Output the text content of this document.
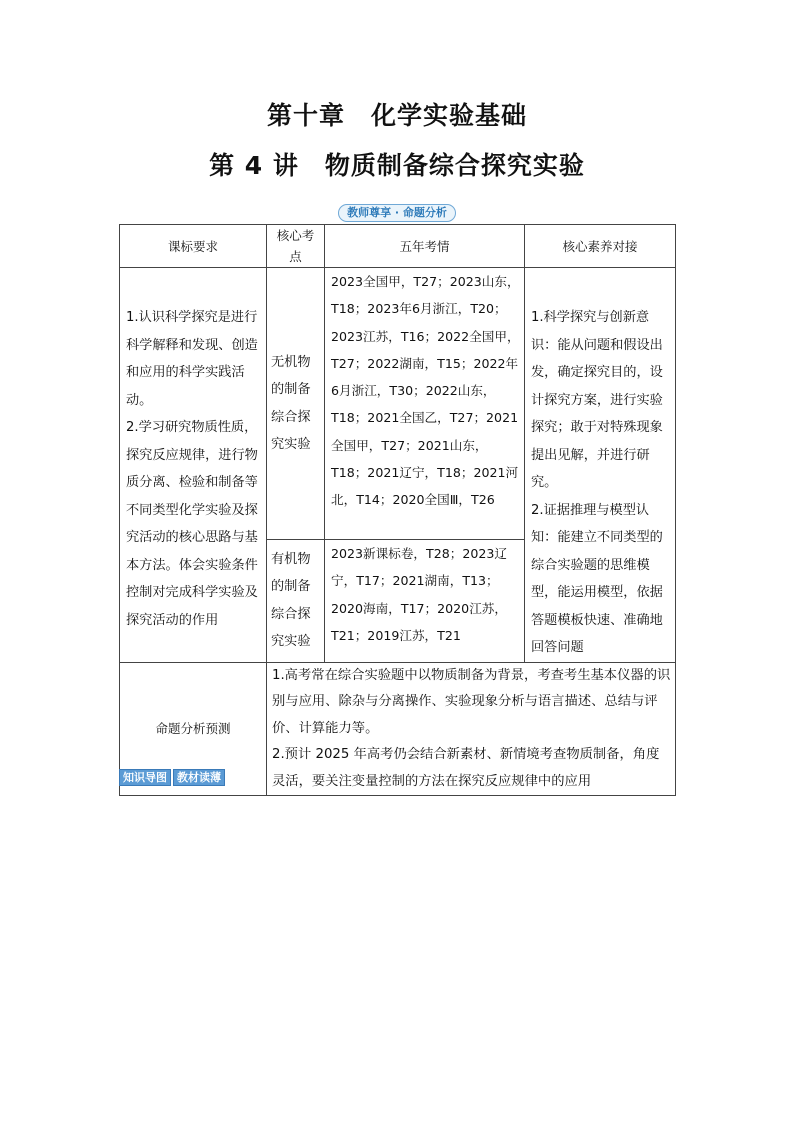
第十章　化学实验基础
第 4 讲　物质制备综合探究实验
教师尊享 · 命题分析
课标要求	核心考点	五年考情	核心素养对接

1.认识科学探究是进行科学解释和发现、创造和应用的科学实践活动。
2.学习研究物质性质，探究反应规律，进行物质分离、检验和制备等不同类型化学实验及探究活动的核心思路与基本方法。体会实验条件控制对完成科学实验及探究活动的作用	无机物的制备综合探究实验	2023全国甲，T27；2023山东，T18；2023年6月浙江，T20；2023江苏，T16；2022全国甲，T27；2022湖南，T15；2022年6月浙江，T30；2022山东，T18；2021全国乙，T27；2021全国甲，T27；2021山东，T18；2021辽宁，T18；2021河北，T14；2020全国Ⅲ，T26	1.科学探究与创新意识：能从问题和假设出发，确定探究目的，设计探究方案，进行实验探究；敢于对特殊现象提出见解，并进行研究。
2.证据推理与模型认知：能建立不同类型的综合实验题的思维模型，能运用模型，依据答题模板快速、准确地回答问题

	有机物的制备综合探究实验	2023新课标卷，T28；2023辽宁，T17；2021湖南，T13；2020海南，T17；2020江苏，T21；2019江苏，T21	
命题分析预测	1.高考常在综合实验题中以物质制备为背景，考查考生基本仪器的识别与应用、除杂与分离操作、实验现象分析与语言描述、总结与评价、计算能力等。
2.预计 2025 年高考仍会结合新素材、新情境考查物质制备，角度灵活，要关注变量控制的方法在探究反应规律中的应用		
知识导图 教材读薄
